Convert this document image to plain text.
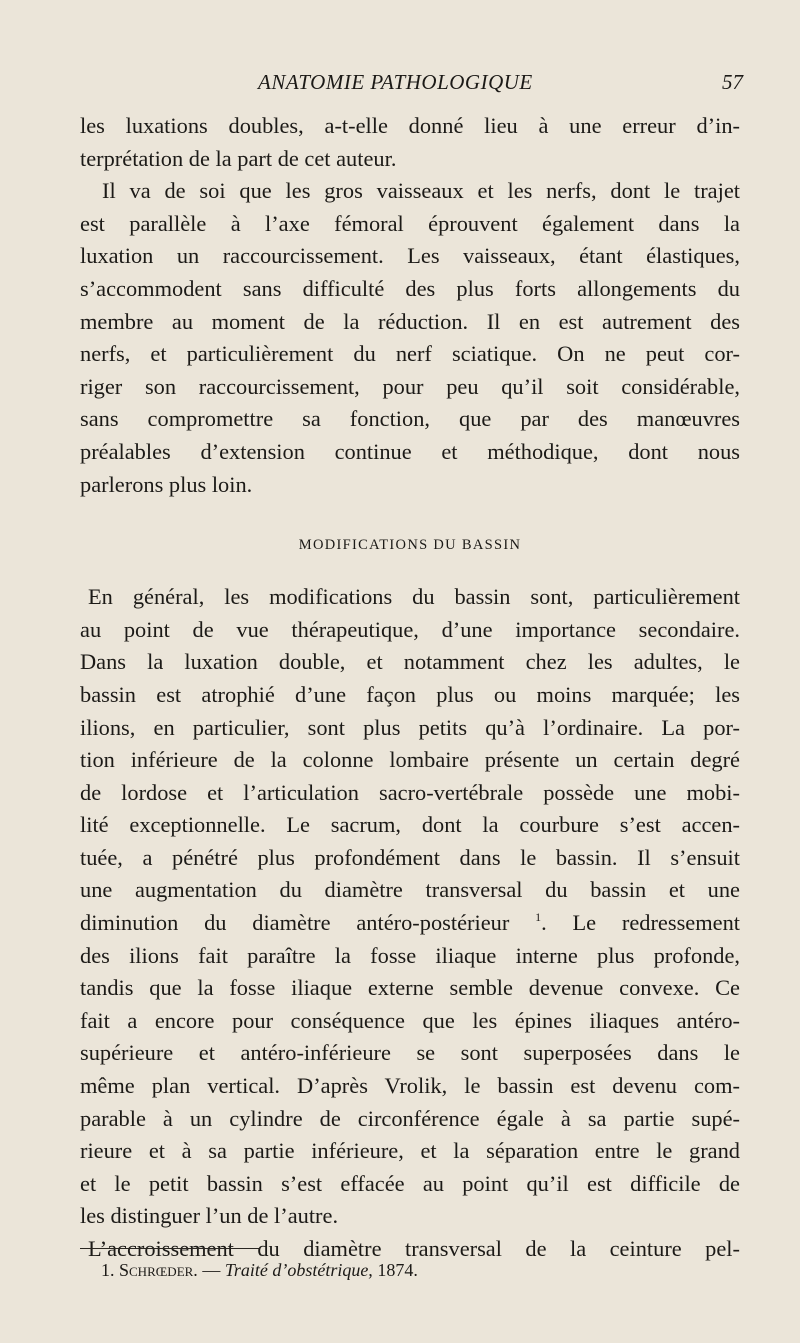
ANATOMIE PATHOLOGIQUE	57
les luxations doubles, a-t-elle donné lieu à une erreur d’in-
terprétation de la part de cet auteur.
Il va de soi que les gros vaisseaux et les nerfs, dont le trajet
est parallèle à l’axe fémoral éprouvent également dans la
luxation un raccourcissement. Les vaisseaux, étant élastiques,
s’accommodent sans difficulté des plus forts allongements du
membre au moment de la réduction. Il en est autrement des
nerfs, et particulièrement du nerf sciatique. On ne peut cor-
riger son raccourcissement, pour peu qu’il soit considérable,
sans compromettre sa fonction, que par des manœuvres
préalables d’extension continue et méthodique, dont nous
parlerons plus loin.
MODIFICATIONS DU BASSIN
En général, les modifications du bassin sont, particulièrement
au point de vue thérapeutique, d’une importance secondaire.
Dans la luxation double, et notamment chez les adultes, le
bassin est atrophié d’une façon plus ou moins marquée; les
ilions, en particulier, sont plus petits qu’à l’ordinaire. La por-
tion inférieure de la colonne lombaire présente un certain degré
de lordose et l’articulation sacro-vertébrale possède une mobi-
lité exceptionnelle. Le sacrum, dont la courbure s’est accen-
tuée, a pénétré plus profondément dans le bassin. Il s’ensuit
une augmentation du diamètre transversal du bassin et une
diminution du diamètre antéro-postérieur $^1$. Le redressement
des ilions fait paraître la fosse iliaque interne plus profonde,
tandis que la fosse iliaque externe semble devenue convexe. Ce
fait a encore pour conséquence que les épines iliaques antéro-
supérieure et antéro-inférieure se sont superposées dans le
même plan vertical. D’après Vrolik, le bassin est devenu com-
parable à un cylindre de circonférence égale à sa partie supé-
rieure et à sa partie inférieure, et la séparation entre le grand
et le petit bassin s’est effacée au point qu’il est difficile de
les distinguer l’un de l’autre.
L’accroissement du diamètre transversal de la ceinture pel-
1. Schrœder. — Traité d’obstétrique, 1874.
